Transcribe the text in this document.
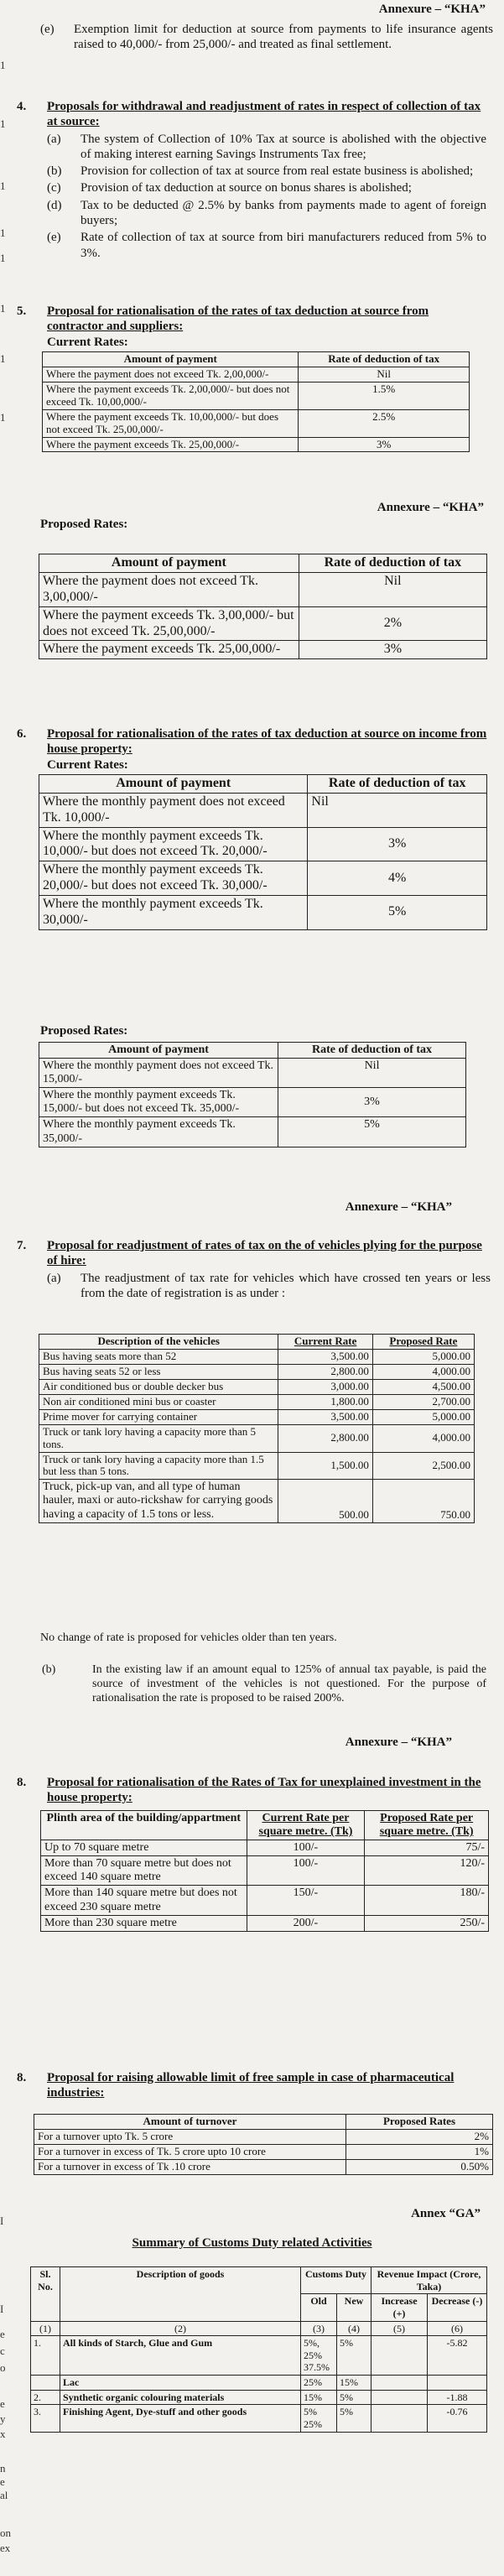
1
1
1
1
1
1
1
1
I
I
e
c
o
e
y
x
n
e
al
on
ex
Annexure – “KHA”
(e)	Exemption limit for deduction at source from payments to life insurance agents raised to 40,000/- from 25,000/- and treated as final settlement.
4.	Proposals for withdrawal and readjustment of rates in respect of collection of tax at source:
(a)	The system of Collection of 10% Tax at source is abolished with the objective of making interest earning Savings Instruments Tax free;
(b)	Provision for collection of tax at source from real estate business is abolished;
(c)	Provision of tax deduction at source on bonus shares is abolished;
(d)	Tax to be deducted @ 2.5% by banks from payments made to agent of foreign buyers;
(e)	Rate of collection of tax at source from biri manufacturers reduced from 5% to 3%.
5.	Proposal for rationalisation of the rates of tax deduction at source from contractor and suppliers:
Current Rates:
Amount of payment	Rate of deduction of tax
Where the payment does not exceed Tk. 2,00,000/-	Nil
Where the payment exceeds Tk. 2,00,000/- but does not exceed Tk. 10,00,000/-	1.5%
Where the payment exceeds Tk. 10,00,000/- but does not exceed Tk. 25,00,000/-	2.5%
Where the payment exceeds Tk. 25,00,000/-	3%
Annexure – “KHA”
Proposed Rates:
Amount of payment	Rate of deduction of tax
Where the payment does not exceed Tk. 3,00,000/-	Nil
Where the payment exceeds Tk. 3,00,000/- but does not exceed Tk. 25,00,000/-	2%
Where the payment exceeds Tk. 25,00,000/-	3%
6.	Proposal for rationalisation of the rates of tax deduction at source on income from house property:
Current Rates:
Amount of payment	Rate of deduction of tax
Where the monthly payment does not exceed Tk. 10,000/-	Nil
Where the monthly payment exceeds Tk. 10,000/- but does not exceed Tk. 20,000/-	3%
Where the monthly payment exceeds Tk. 20,000/- but does not exceed Tk. 30,000/-	4%
Where the monthly payment exceeds Tk. 30,000/-	5%
Proposed Rates:
Amount of payment	Rate of deduction of tax
Where the monthly payment does not exceed Tk. 15,000/-	Nil
Where the monthly payment exceeds Tk. 15,000/- but does not exceed Tk. 35,000/-	3%
Where the monthly payment exceeds Tk. 35,000/-	5%
Annexure – “KHA”
7.	Proposal for readjustment of rates of tax on the of vehicles plying for the purpose of hire:
(a)	The readjustment of tax rate for vehicles which have crossed ten years or less from the date of registration is as under :
Description of the vehicles	Current Rate	Proposed Rate
Bus having seats more than 52	3,500.00	5,000.00
Bus having seats 52 or less	2,800.00	4,000.00
Air conditioned bus or double decker bus	3,000.00	4,500.00
Non air conditioned mini bus or coaster	1,800.00	2,700.00
Prime mover for carrying container	3,500.00	5,000.00
Truck or tank lory having a capacity more than 5 tons.	2,800.00	4,000.00
Truck or tank lory having a capacity more than 1.5 but less than 5 tons.	1,500.00	2,500.00
Truck, pick-up van, and all type of human hauler, maxi or auto-rickshaw for carrying goods having a capacity of 1.5 tons or less.	500.00	750.00
No change of rate is proposed for vehicles older than ten years.
(b)	In the existing law if an amount equal to 125% of annual tax payable, is paid the source of investment of the vehicles is not questioned. For the purpose of rationalisation the rate is proposed to be raised 200%.
Annexure – “KHA”
8.	Proposal for rationalisation of the Rates of Tax for unexplained investment in the house property:
Plinth area of the building/appartment	Current Rate per square metre. (Tk)	Proposed Rate per square metre. (Tk)
Up to 70 square metre	100/-	75/-
More than 70 square metre but does not exceed 140 square metre	100/-	120/-
More than 140 square metre but does not exceed 230 square metre	150/-	180/-
More than 230 square metre	200/-	250/-
8.	Proposal for raising allowable limit of free sample in case of pharmaceutical industries:
Amount of turnover	Proposed Rates
For a turnover upto Tk. 5 crore	2%
For a turnover in excess of Tk. 5 crore upto 10 crore	1%
For a turnover in excess of Tk .10 crore	0.50%
Annex “GA”
Summary of Customs Duty related Activities
Sl. No.	Description of goods	Customs Duty		Revenue Impact (Crore, Taka)	
		Old	New	Increase (+)	Decrease (-)
(1)	(2)	(3)	(4)	(5)	(6)
1.	All kinds of Starch, Glue and Gum	5%, 25% 37.5%	5%		-5.82
	Lac	25%	15%		
2.	Synthetic organic colouring materials	15%	5%		-1.88
3.	Finishing Agent, Dye-stuff and other goods	5% 25%	5%		-0.76
